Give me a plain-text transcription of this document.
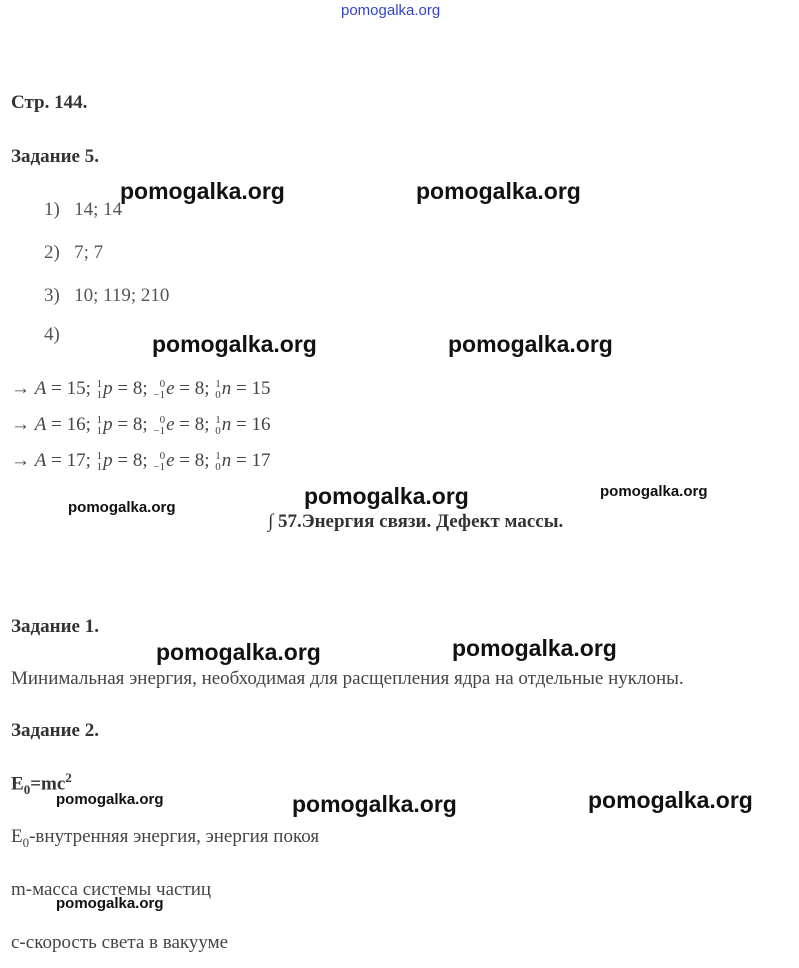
pomogalka.org
Стр. 144.
Задание 5.
1) 14; 14
2) 7; 7
3) 10; 119; 210
4)
→ A = 15; 1
1 p = 8; 0
−1 e = 8; 1
0 n = 15
→ A = 16; 1
1 p = 8; 0
−1 e = 8; 1
0 n = 16
→ A = 17; 1
1 p = 8; 0
−1 e = 8; 1
0 n = 17
∫ 57.Энергия связи. Дефект массы.
Задание 1.
Минимальная энергия, необходимая для расщепления ядра на отдельные нуклоны.
Задание 2.
$E_0=mc^2$
$E_0$-внутренняя энергия, энергия покоя
m-масса системы частиц
c-скорость света в вакууме
pomogalka.org	pomogalka.org
pomogalka.org	pomogalka.org
pomogalka.org	pomogalka.org	pomogalka.org
pomogalka.org	pomogalka.org
pomogalka.org	pomogalka.org	pomogalka.org
pomogalka.org
